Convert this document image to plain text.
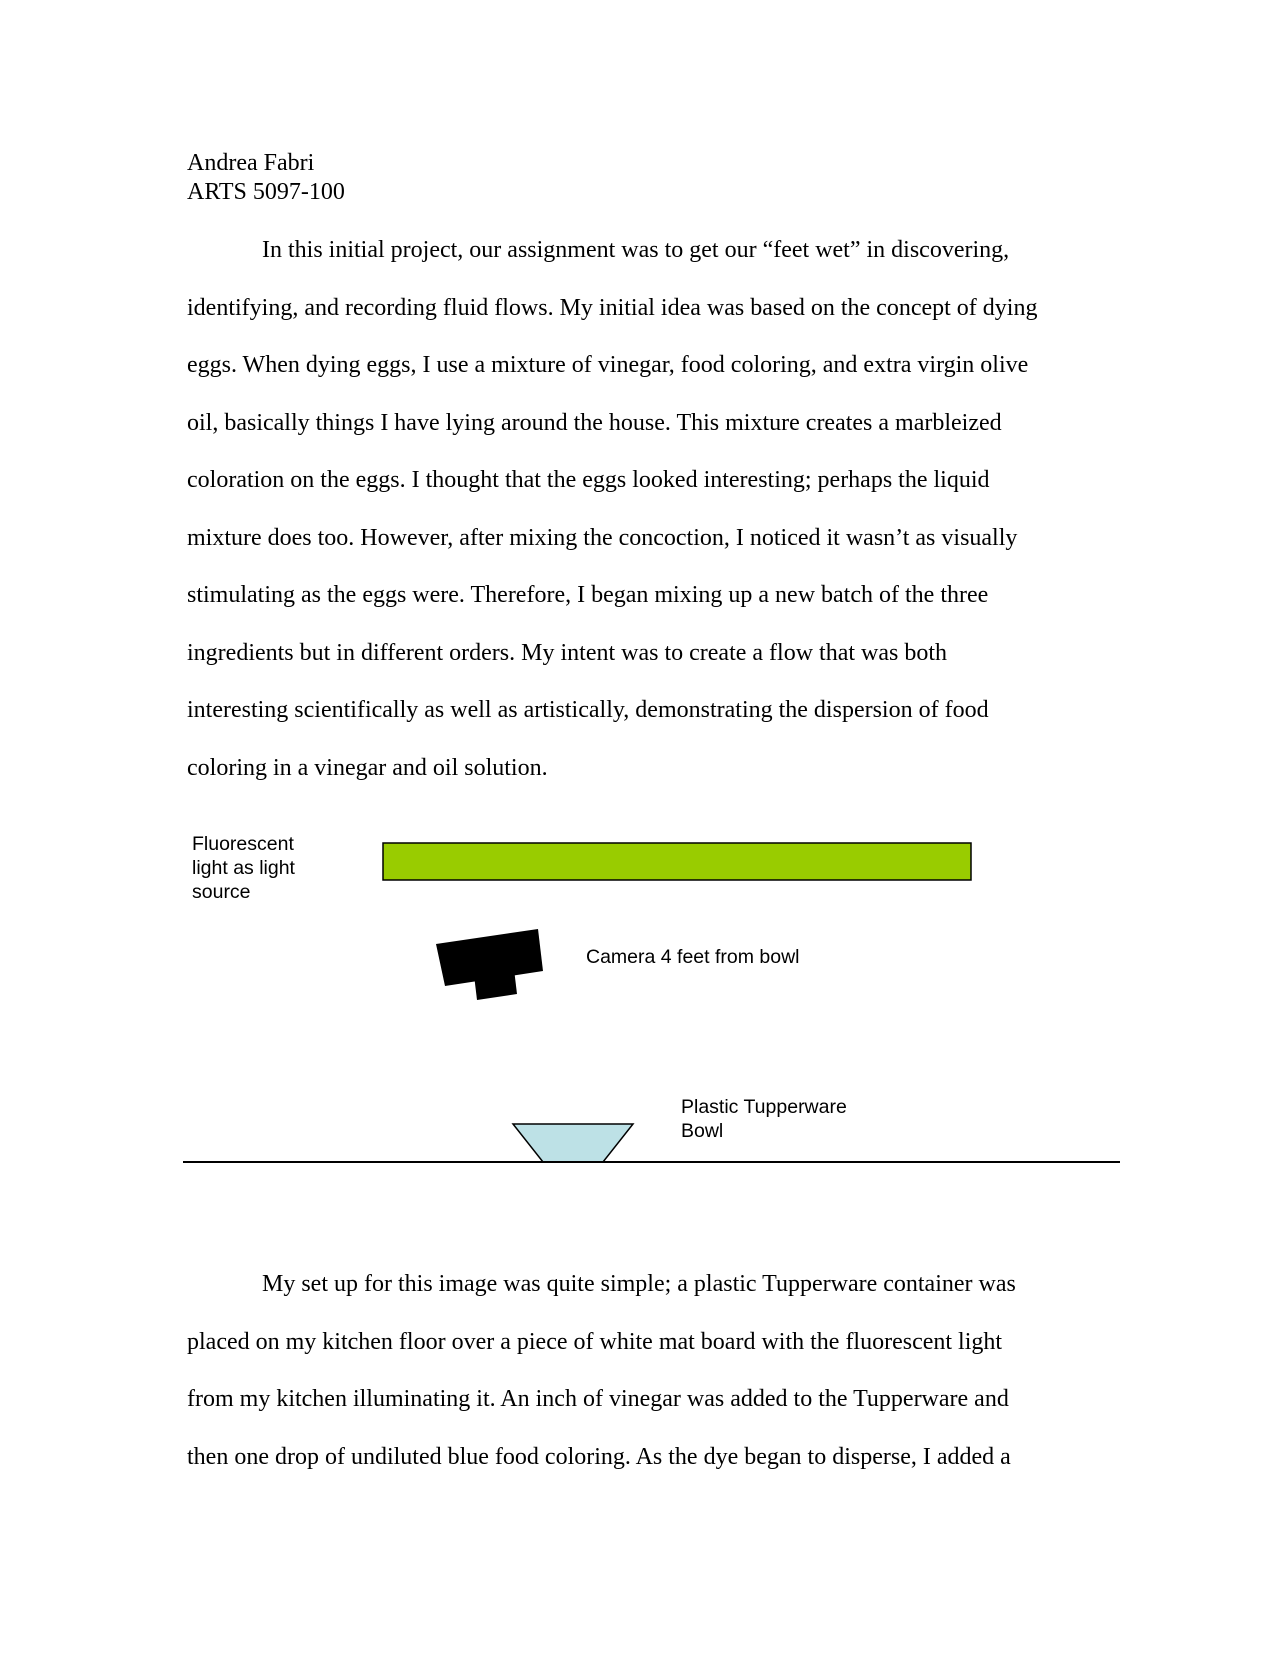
Andrea Fabri
ARTS 5097-100
In this initial project, our assignment was to get our “feet wet” in discovering,
identifying, and recording fluid flows. My initial idea was based on the concept of dying
eggs. When dying eggs, I use a mixture of vinegar, food coloring, and extra virgin olive
oil, basically things I have lying around the house. This mixture creates a marbleized
coloration on the eggs. I thought that the eggs looked interesting; perhaps the liquid
mixture does too. However, after mixing the concoction, I noticed it wasn’t as visually
stimulating as the eggs were. Therefore, I began mixing up a new batch of the three
ingredients but in different orders. My intent was to create a flow that was both
interesting scientifically as well as artistically, demonstrating the dispersion of food
coloring in a vinegar and oil solution.
Fluorescent
light as light
source
Camera 4 feet from bowl
Plastic Tupperware
Bowl
My set up for this image was quite simple; a plastic Tupperware container was
placed on my kitchen floor over a piece of white mat board with the fluorescent light
from my kitchen illuminating it. An inch of vinegar was added to the Tupperware and
then one drop of undiluted blue food coloring. As the dye began to disperse, I added a
